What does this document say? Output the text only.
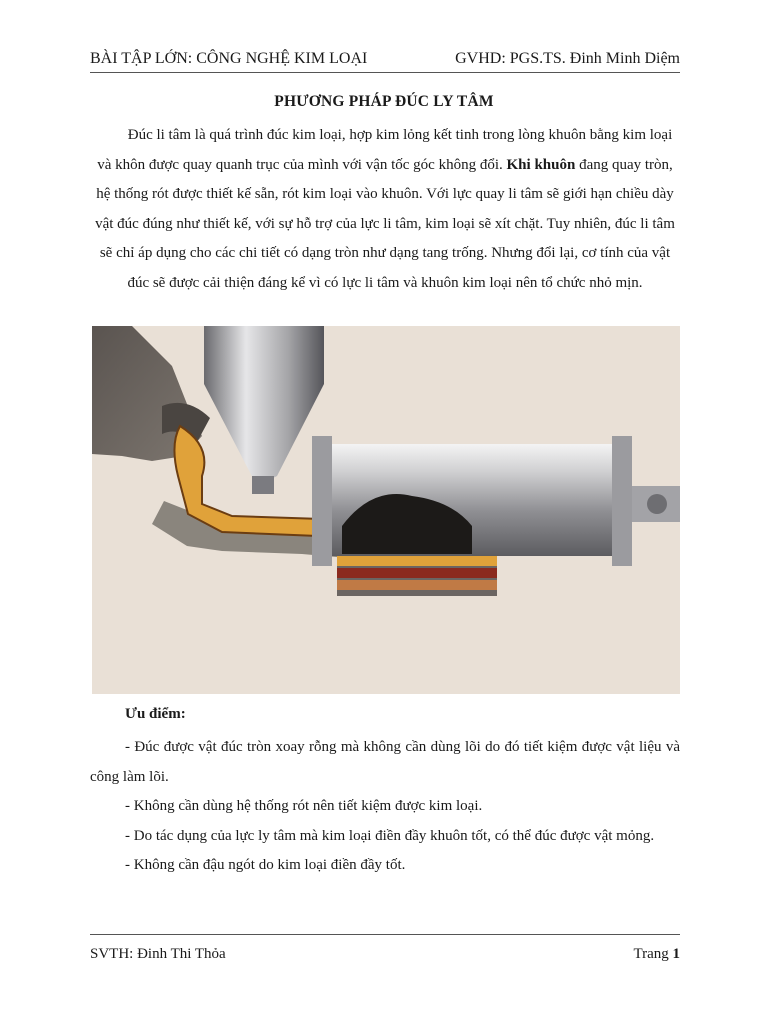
BÀI TẬP LỚN: CÔNG NGHỆ KIM LOẠI	GVHD: PGS.TS. Đinh Minh Diệm
PHƯƠNG PHÁP ĐÚC LY TÂM
Đúc li tâm là quá trình đúc kim loại, hợp kim lỏng kết tinh trong lòng khuôn bằng kim loại và khôn được quay quanh trục của mình với vận tốc góc không đổi. Khi khuôn đang quay tròn, hệ thống rót được thiết kế sẵn, rót kim loại vào khuôn. Với lực quay li tâm sẽ giới hạn chiều dày vật đúc đúng như thiết kế, với sự hỗ trợ của lực li tâm, kim loại sẽ xít chặt. Tuy nhiên, đúc li tâm sẽ chỉ áp dụng cho các chi tiết có dạng tròn như dạng tang trống. Nhưng đổi lại, cơ tính của vật đúc sẽ được cải thiện đáng kể vì có lực li tâm và khuôn kim loại nên tổ chức nhỏ mịn.
Ưu điểm:
- Đúc được vật đúc tròn xoay rỗng mà không cần dùng lõi do đó tiết kiệm được vật liệu và công làm lõi.
- Không cần dùng hệ thống rót nên tiết kiệm được kim loại.
- Do tác dụng của lực ly tâm mà kim loại điền đầy khuôn tốt, có thể đúc được vật mỏng.
- Không cần đậu ngót do kim loại điền đầy tốt.
SVTH: Đinh Thi Thỏa	Trang 1
